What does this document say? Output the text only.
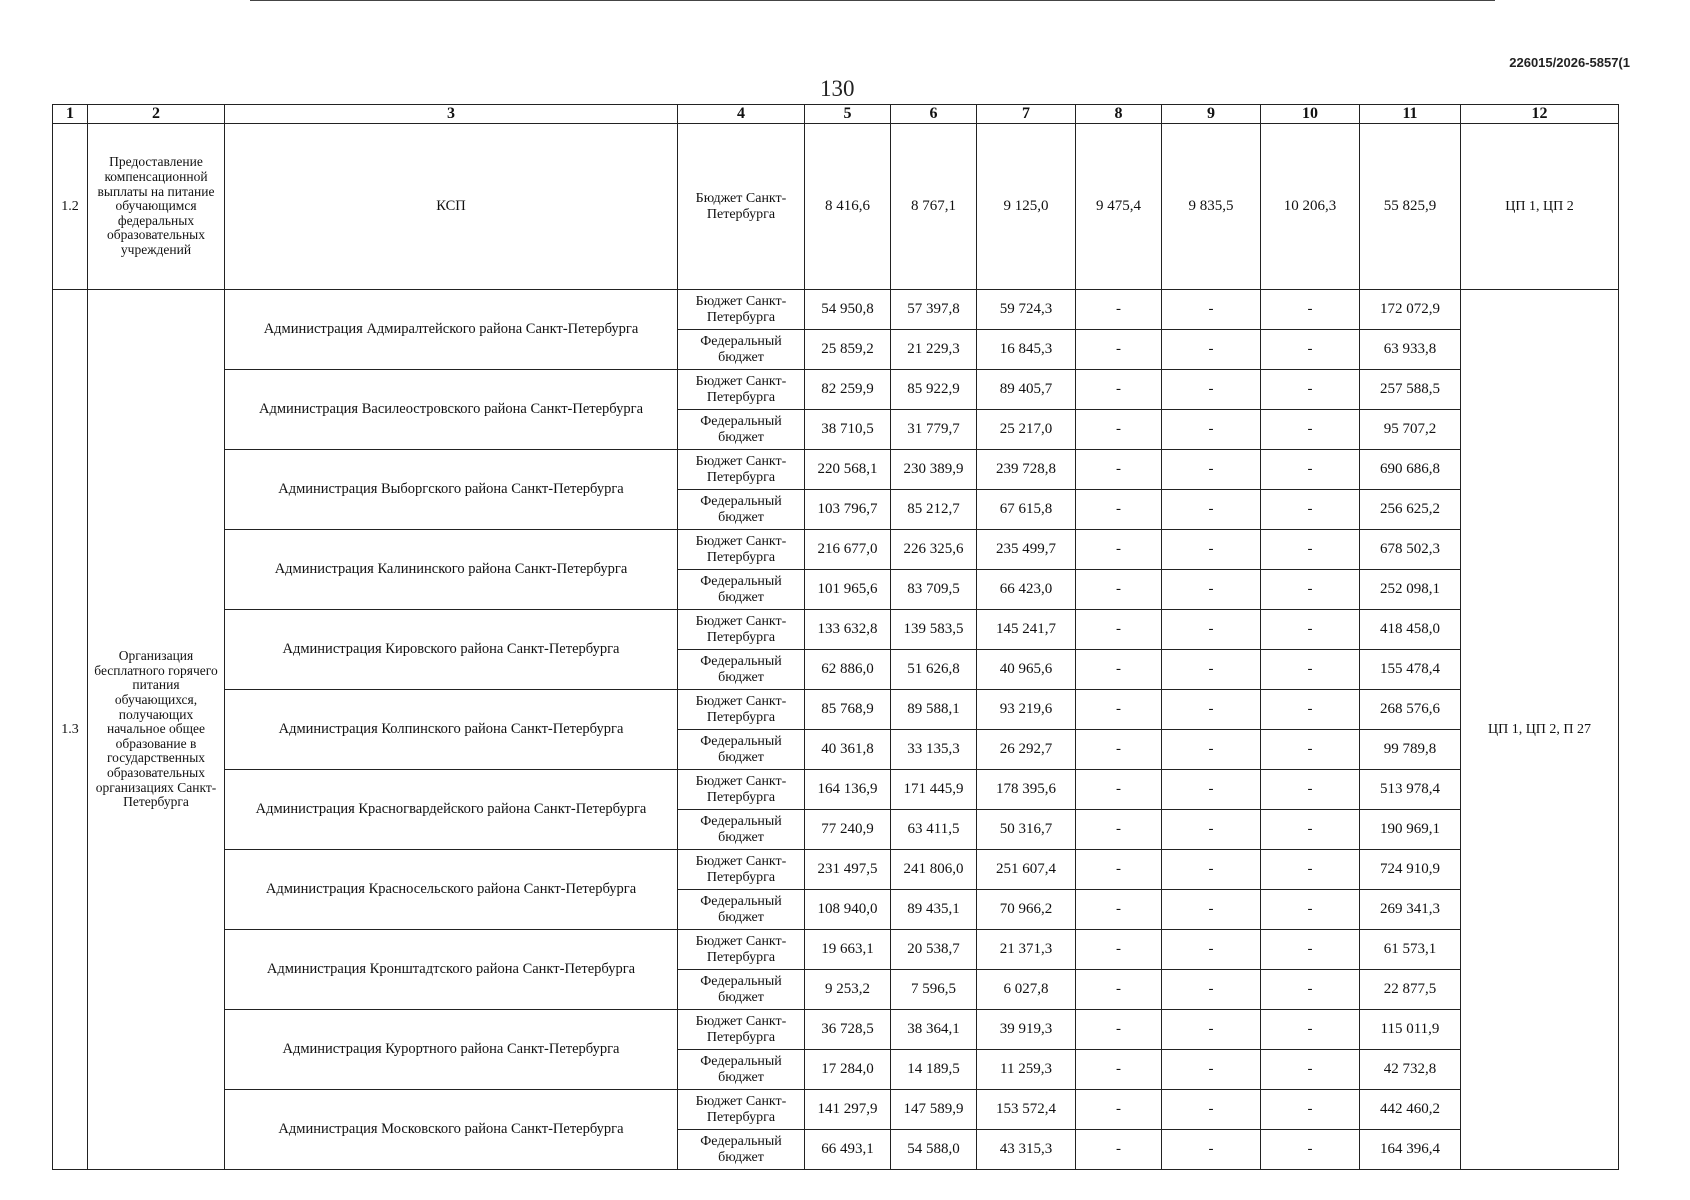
226015/2026-5857(1
130
1	2	3	4	5	6	7	8	9	10	11	12
1.2	Предоставление компенсационной выплаты на питание обучающимся федеральных образовательных учреждений	КСП	Бюджет Санкт-Петербурга	8 416,6	8 767,1	9 125,0	9 475,4	9 835,5	10 206,3	55 825,9	ЦП 1, ЦП 2
1.3	Организация бесплатного горячего питания обучающихся, получающих начальное общее образование в государственных образовательных организациях Санкт-Петербурга	Администрация Адмиралтейского района Санкт-Петербурга	Бюджет Санкт-Петербурга	54 950,8	57 397,8	59 724,3	-	-	-	172 072,9	ЦП 1, ЦП 2, П 27
			Федеральный бюджет	25 859,2	21 229,3	16 845,3	-	-	-	63 933,8	
		Администрация Василеостровского района Санкт-Петербурга	Бюджет Санкт-Петербурга	82 259,9	85 922,9	89 405,7	-	-	-	257 588,5	
			Федеральный бюджет	38 710,5	31 779,7	25 217,0	-	-	-	95 707,2	
		Администрация Выборгского района Санкт-Петербурга	Бюджет Санкт-Петербурга	220 568,1	230 389,9	239 728,8	-	-	-	690 686,8	
			Федеральный бюджет	103 796,7	85 212,7	67 615,8	-	-	-	256 625,2	
		Администрация Калининского района Санкт-Петербурга	Бюджет Санкт-Петербурга	216 677,0	226 325,6	235 499,7	-	-	-	678 502,3	
			Федеральный бюджет	101 965,6	83 709,5	66 423,0	-	-	-	252 098,1	
		Администрация Кировского района Санкт-Петербурга	Бюджет Санкт-Петербурга	133 632,8	139 583,5	145 241,7	-	-	-	418 458,0	
			Федеральный бюджет	62 886,0	51 626,8	40 965,6	-	-	-	155 478,4	
		Администрация Колпинского района Санкт-Петербурга	Бюджет Санкт-Петербурга	85 768,9	89 588,1	93 219,6	-	-	-	268 576,6	
			Федеральный бюджет	40 361,8	33 135,3	26 292,7	-	-	-	99 789,8	
		Администрация Красногвардейского района Санкт-Петербурга	Бюджет Санкт-Петербурга	164 136,9	171 445,9	178 395,6	-	-	-	513 978,4	
			Федеральный бюджет	77 240,9	63 411,5	50 316,7	-	-	-	190 969,1	
		Администрация Красносельского района Санкт-Петербурга	Бюджет Санкт-Петербурга	231 497,5	241 806,0	251 607,4	-	-	-	724 910,9	
			Федеральный бюджет	108 940,0	89 435,1	70 966,2	-	-	-	269 341,3	
		Администрация Кронштадтского района Санкт-Петербурга	Бюджет Санкт-Петербурга	19 663,1	20 538,7	21 371,3	-	-	-	61 573,1	
			Федеральный бюджет	9 253,2	7 596,5	6 027,8	-	-	-	22 877,5	
		Администрация Курортного района Санкт-Петербурга	Бюджет Санкт-Петербурга	36 728,5	38 364,1	39 919,3	-	-	-	115 011,9	
			Федеральный бюджет	17 284,0	14 189,5	11 259,3	-	-	-	42 732,8	
		Администрация Московского района Санкт-Петербурга	Бюджет Санкт-Петербурга	141 297,9	147 589,9	153 572,4	-	-	-	442 460,2	
			Федеральный бюджет	66 493,1	54 588,0	43 315,3	-	-	-	164 396,4	
